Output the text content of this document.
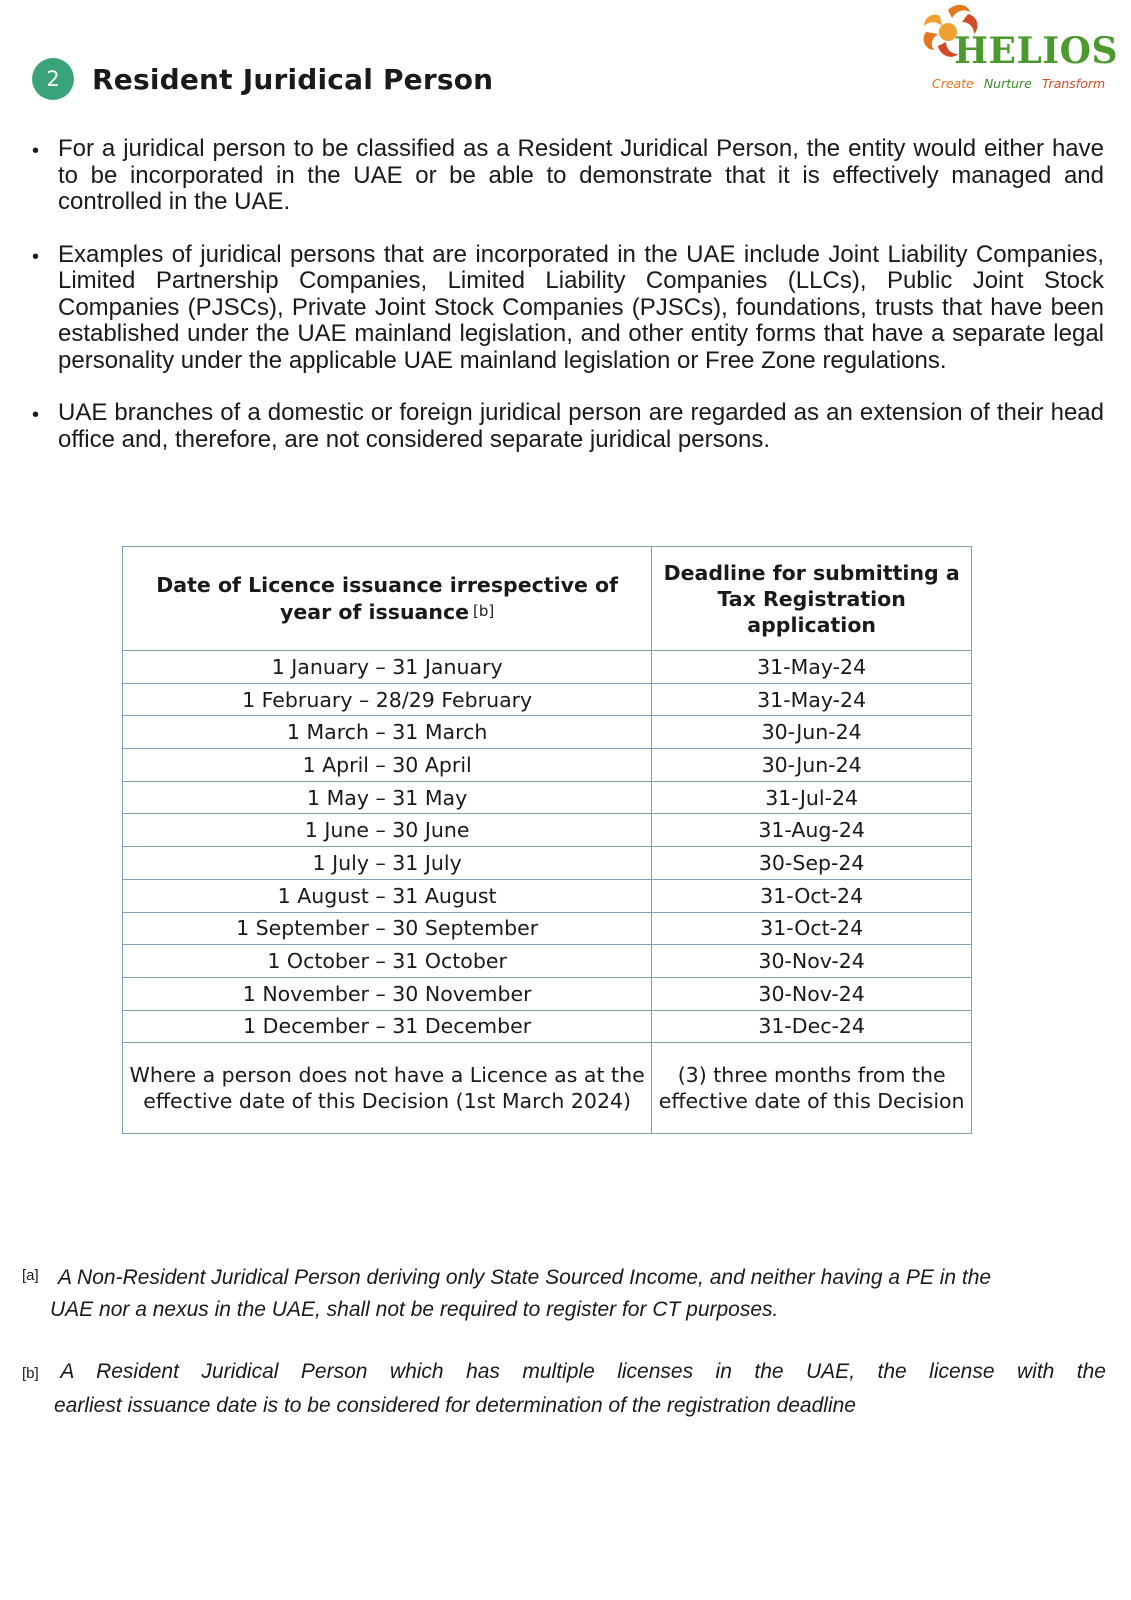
2	Resident Juridical Person
HELIOS
Create Nurture Transform
• For a juridical person to be classified as a Resident Juridical Person, the entity would either have to be incorporated in the UAE or be able to demonstrate that it is effectively managed and controlled in the UAE.
• Examples of juridical persons that are incorporated in the UAE include Joint Liability Companies, Limited Partnership Companies, Limited Liability Companies (LLCs), Public Joint Stock Companies (PJSCs), Private Joint Stock Companies (PJSCs), foundations, trusts that have been established under the UAE mainland legislation, and other entity forms that have a separate legal personality under the applicable UAE mainland legislation or Free Zone regulations.
• UAE branches of a domestic or foreign juridical person are regarded as an extension of their head office and, therefore, are not considered separate juridical persons.
Date of Licence issuance irrespective of year of issuance [b]	Deadline for submitting a Tax Registration application
1 January – 31 January	31-May-24
1 February – 28/29 February	31-May-24
1 March – 31 March	30-Jun-24
1 April – 30 April	30-Jun-24
1 May – 31 May	31-Jul-24
1 June – 30 June	31-Aug-24
1 July – 31 July	30-Sep-24
1 August – 31 August	31-Oct-24
1 September – 30 September	31-Oct-24
1 October – 31 October	30-Nov-24
1 November – 30 November	30-Nov-24
1 December – 31 December	31-Dec-24
Where a person does not have a Licence as at the effective date of this Decision (1st March 2024)	(3) three months from the effective date of this Decision
[a] A Non-Resident Juridical Person deriving only State Sourced Income, and neither having a PE in the
UAE nor a nexus in the UAE, shall not be required to register for CT purposes.
[b] A Resident Juridical Person which has multiple licenses in the UAE, the license with the
earliest issuance date is to be considered for determination of the registration deadline
